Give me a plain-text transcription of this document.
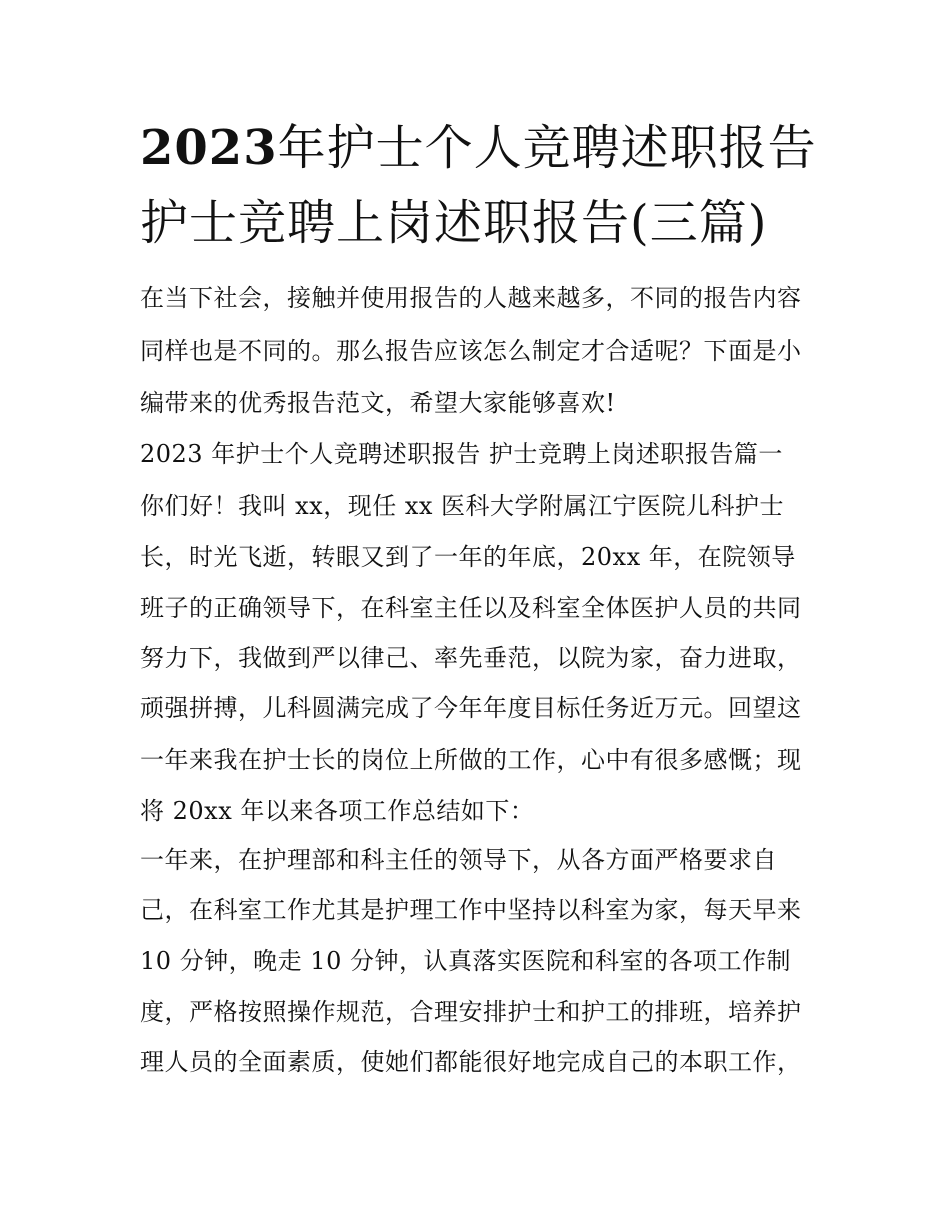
2023年护士个人竞聘述职报告
护士竞聘上岗述职报告(三篇)
在当下社会，接触并使用报告的人越来越多，不同的报告内容
同样也是不同的。那么报告应该怎么制定才合适呢？下面是小
编带来的优秀报告范文，希望大家能够喜欢!
2023 年护士个人竞聘述职报告 护士竞聘上岗述职报告篇一
你们好！我叫 xx，现任 xx 医科大学附属江宁医院儿科护士
长，时光飞逝，转眼又到了一年的年底，20xx 年，在院领导
班子的正确领导下，在科室主任以及科室全体医护人员的共同
努力下，我做到严以律己、率先垂范，以院为家，奋力进取，
顽强拼搏，儿科圆满完成了今年年度目标任务近万元。回望这
一年来我在护士长的岗位上所做的工作，心中有很多感慨；现
将 20xx 年以来各项工作总结如下：
一年来，在护理部和科主任的领导下，从各方面严格要求自
己，在科室工作尤其是护理工作中坚持以科室为家，每天早来
10 分钟，晚走 10 分钟，认真落实医院和科室的各项工作制
度，严格按照操作规范，合理安排护士和护工的排班，培养护
理人员的全面素质，使她们都能很好地完成自己的本职工作，
